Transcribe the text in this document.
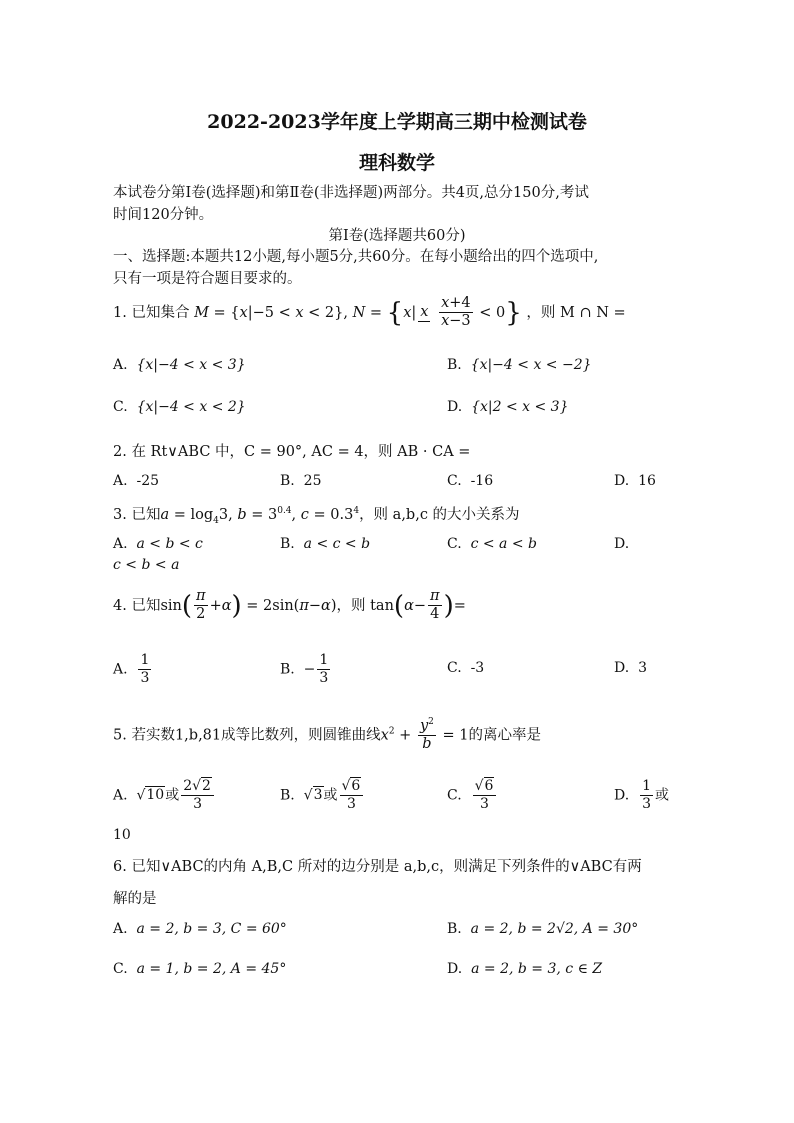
2022-2023学年度上学期高三期中检测试卷
理科数学
本试卷分第Ⅰ卷(选择题)和第Ⅱ卷(非选择题)两部分。共4页,总分150分,考试
时间120分钟。
第Ⅰ卷(选择题共60分)
一、选择题:本题共12小题,每小题5分,共60分。在每小题给出的四个选项中,
只有一项是符合题目要求的。
1. 已知集合 M = {x|−5 < x < 2}, N = {x| x
$\frac{x+4}{x-3} < 0$} ，则 M ∩ N =
A. {x|−4 < x < 3}	B. {x|−4 < x < −2}
C. {x|−4 < x < 2}	D. {x|2 < x < 3}
2. 在 Rt∨ABC 中，C = 90°, AC = 4，则 AB · CA =
A. -25	B. 25	C. -16	D. 16
3. 已知$a = \log_43$, $b = 3^{0.4}$, $c = 0.3^4$，则 a,b,c 的大小关系为
A. a < b < c	B. a < c < b	C. c < a < b	D.
c < b < a
4. 已知$\sin( \frac{\pi}{2} +\alpha) = 2\sin(\pi-\alpha)$，则 $\tan(\alpha- \frac{\pi}{4}$ )=
A. $\frac{1}{3}$	B. − $\frac{1}{3}$	C. -3	D. 3
5. 若实数1,b,81成等比数列，则圆锥曲线$x^2 + \frac{y^2}{b} = 1$的离心率是
A.  √10或 $\frac{2√2}{3}$	B.  √3或 $\frac{√6}{3}$	C. $\frac{√6}{3}$	D. $\frac{1}{3}$ 或
10
6. 已知∨ABC的内角 A,B,C 所对的边分别是 a,b,c，则满足下列条件的∨ABC有两
解的是
A. a = 2, b = 3, C = 60°	B. a = 2, b = 2√2, A = 30°
C. a = 1, b = 2, A = 45°	D. a = 2, b = 3, c ∈ Z
